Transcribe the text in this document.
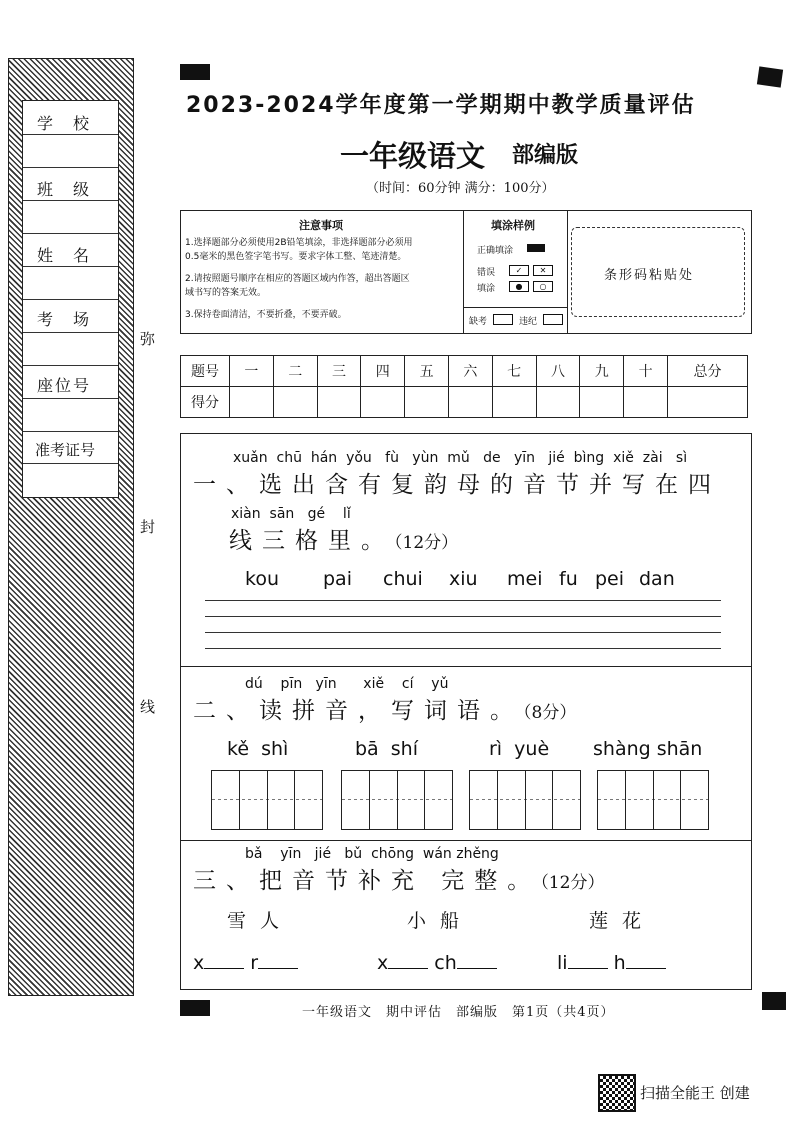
学　校
班　级
姓　名
考　场
座位号
准考证号
弥
封
线
2023-2024学年度第一学期期中教学质量评估
一年级语文 部编版
（时间：60分钟 满分：100分）
注意事项
1.选择题部分必须使用2B铅笔填涂，非选择题部分必须用
0.5毫米的黑色签字笔书写。要求字体工整、笔迹清楚。
2.请按照题号顺序在相应的答题区域内作答，超出答题区
域书写的答案无效。
3.保持卷面清洁，不要折叠，不要弄破。
填涂样例
正确填涂
错误
填涂
✓	✕
●	○
缺考	违纪
条形码粘贴处
题号	一	二	三	四	五	六	七	八	九	十	总分
得分											
xuǎn  chū  hán  yǒu   fù   yùn  mǔ   de   yīn   jié  bìng  xiě  zài   sì
一、选出含有复韵母的音节并写在四
xiàn  sān   gé    lǐ
线三格里。（12分）
kou pai chui xiu mei fu pei dan
dú    pīn   yīn      xiě    cí    yǔ
二、读拼音，写词语。（8分）
kě  shì	bā  shí	rì  yuè shàng shān
bǎ    yīn   jié   bǔ  chōng  wán zhěng
三、把音节补充 完整。（12分）
雪人	小船	莲花
x r	x ch	li h
一年级语文　期中评估　部编版　第1页（共4页）
扫描全能王 创建
